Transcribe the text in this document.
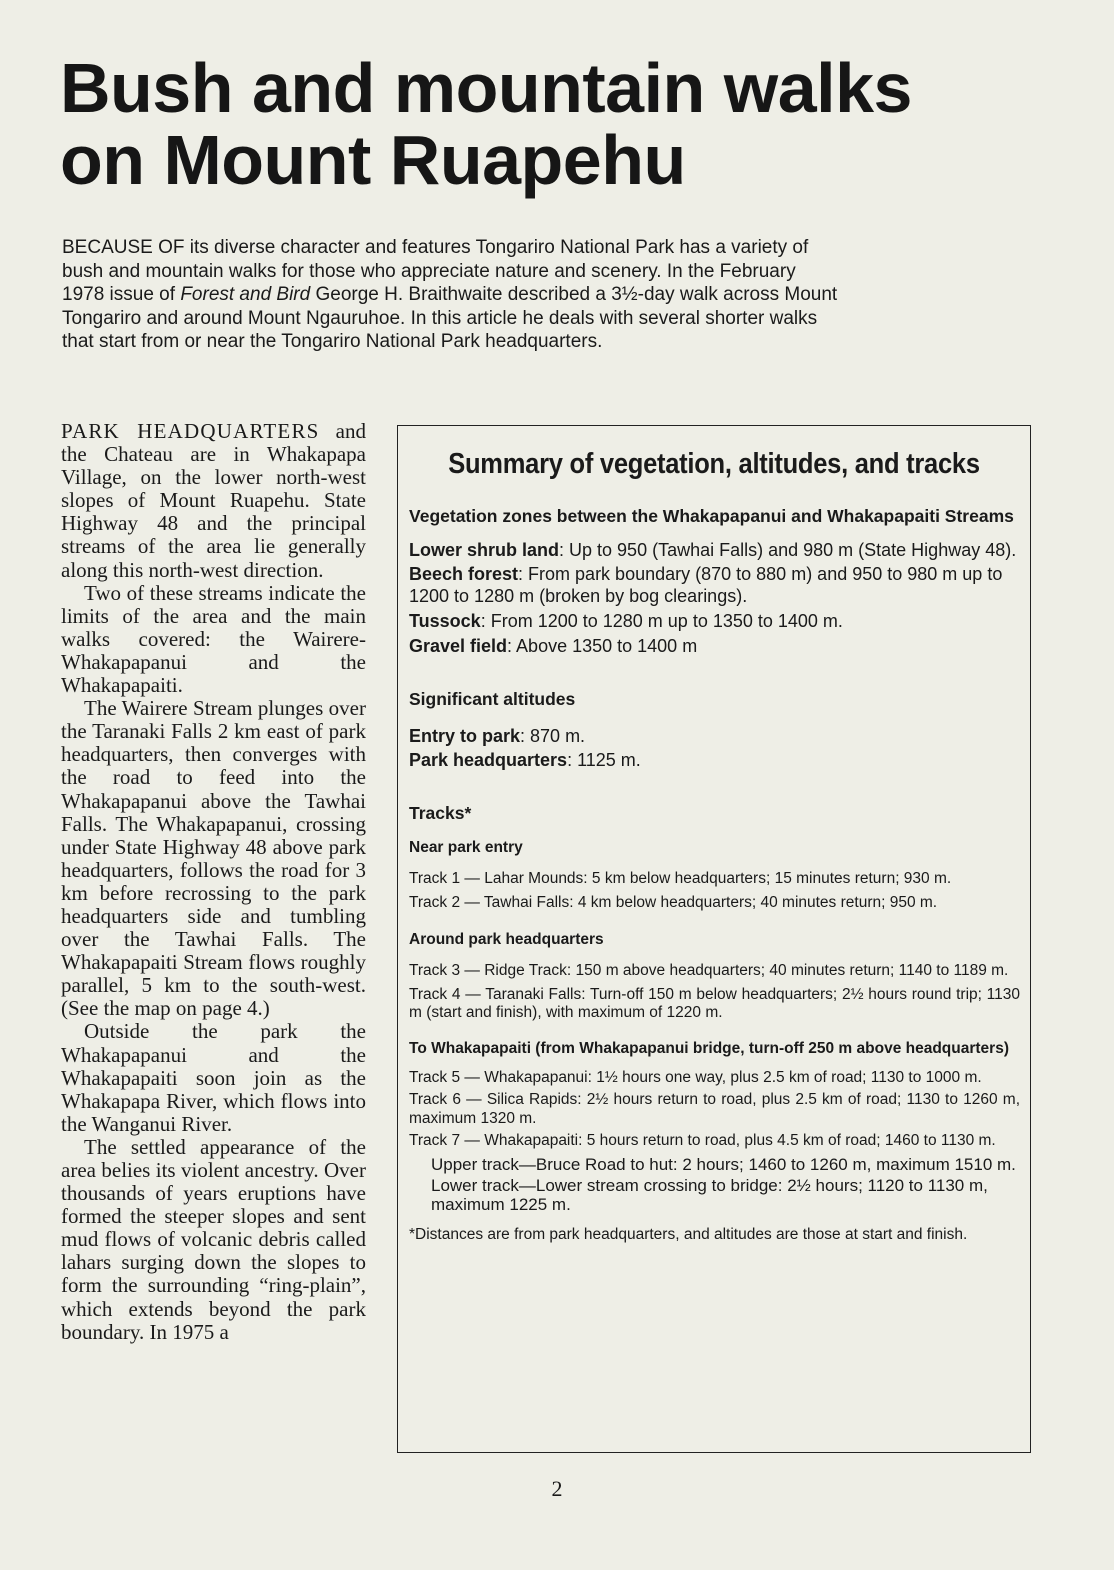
Bush and mountain walks
on Mount Ruapehu

BECAUSE OF its diverse character and features Tongariro National Park has a variety of bush and mountain walks for those who appreciate nature and scenery. In the February 1978 issue of Forest and Bird George H. Braithwaite described a 3½-day walk across Mount Tongariro and around Mount Ngauruhoe. In this article he deals with several shorter walks that start from or near the Tongariro National Park headquarters.

PARK HEADQUARTERS and the Chateau are in Whakapapa Village, on the lower north-west slopes of Mount Ruapehu. State Highway 48 and the principal streams of the area lie generally along this north-west direction.

Two of these streams indicate the limits of the area and the main walks covered: the Wairere-Whakapapanui and the Whakapapaiti.

The Wairere Stream plunges over the Taranaki Falls 2 km east of park headquarters, then converges with the road to feed into the Whakapapanui above the Tawhai Falls. The Whakapapanui, crossing under State Highway 48 above park headquarters, follows the road for 3 km before recrossing to the park headquarters side and tumbling over the Tawhai Falls. The Whakapapaiti Stream flows roughly parallel, 5 km to the south-west. (See the map on page 4.)

Outside the park the Whakapapanui and the Whakapapaiti soon join as the Whakapapa River, which flows into the Wanganui River.

The settled appearance of the area belies its violent ancestry. Over thousands of years eruptions have formed the steeper slopes and sent mud flows of volcanic debris called lahars surging down the slopes to form the surrounding “ring-plain”, which extends beyond the park boundary. In 1975 a

Summary of vegetation, altitudes, and tracks

Vegetation zones between the Whakapapanui and Whakapapaiti Streams

Lower shrub land: Up to 950 (Tawhai Falls) and 980 m (State Highway 48).

Beech forest: From park boundary (870 to 880 m) and 950 to 980 m up to 1200 to 1280 m (broken by bog clearings).

Tussock: From 1200 to 1280 m up to 1350 to 1400 m.

Gravel field: Above 1350 to 1400 m

Significant altitudes

Entry to park: 870 m.

Park headquarters: 1125 m.

Tracks*

Near park entry

Track 1 — Lahar Mounds: 5 km below headquarters; 15 minutes return; 930 m.

Track 2 — Tawhai Falls: 4 km below headquarters; 40 minutes return; 950 m.

Around park headquarters

Track 3 — Ridge Track: 150 m above headquarters; 40 minutes return; 1140 to 1189 m.

Track 4 — Taranaki Falls: Turn-off 150 m below headquarters; 2½ hours round trip; 1130 m (start and finish), with maximum of 1220 m.

To Whakapapaiti (from Whakapapanui bridge, turn-off 250 m above headquarters)

Track 5 — Whakapapanui: 1½ hours one way, plus 2.5 km of road; 1130 to 1000 m.

Track 6 — Silica Rapids: 2½ hours return to road, plus 2.5 km of road; 1130 to 1260 m, maximum 1320 m.

Track 7 — Whakapapaiti: 5 hours return to road, plus 4.5 km of road; 1460 to 1130 m.

Upper track—Bruce Road to hut: 2 hours; 1460 to 1260 m, maximum 1510 m.

Lower track—Lower stream crossing to bridge: 2½ hours; 1120 to 1130 m, maximum 1225 m.

*Distances are from park headquarters, and altitudes are those at start and finish.

2
